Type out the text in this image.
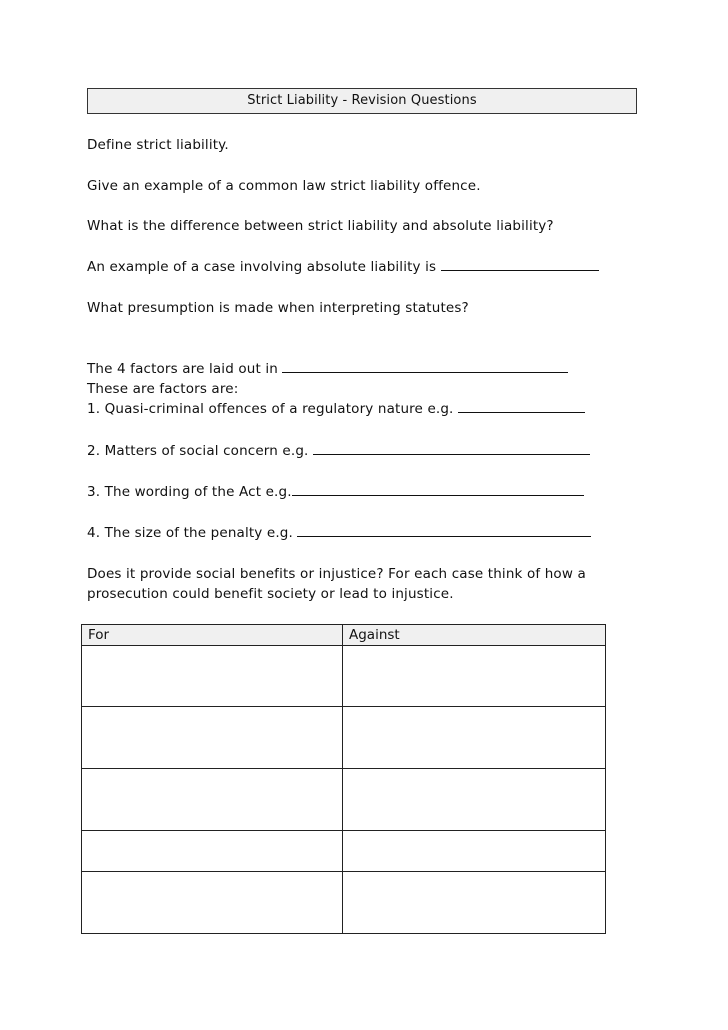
Strict Liability - Revision Questions
Define strict liability.
Give an example of a common law strict liability offence.
What is the difference between strict liability and absolute liability?
An example of a case involving absolute liability is
What presumption is made when interpreting statutes?
The 4 factors are laid out in
These are factors are:
1. Quasi-criminal offences of a regulatory nature e.g.
2. Matters of social concern e.g.
3. The wording of the Act e.g.
4. The size of the penalty e.g.
Does it provide social benefits or injustice? For each case think of how a
prosecution could benefit society or lead to injustice.
For	Against
